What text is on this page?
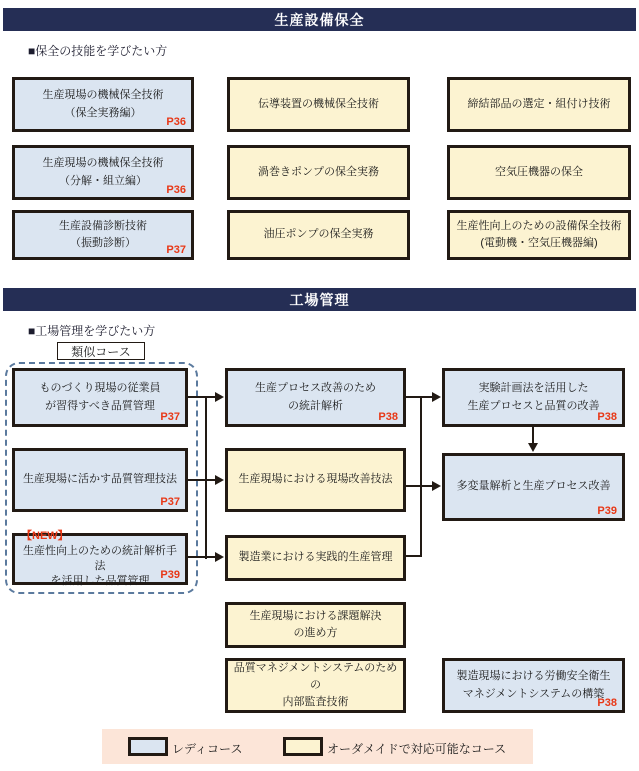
生産設備保全
■保全の技能を学びたい方
生産現場の機械保全技術
（保全実務編）
P36
伝導装置の機械保全技術	締結部品の選定・組付け技術
生産現場の機械保全技術
（分解・組立編）
P36
渦巻きポンプの保全実務	空気圧機器の保全
生産設備診断技術
（振動診断）
P37
油圧ポンプの保全実務
生産性向上のための設備保全技術
(電動機・空気圧機器編)
工場管理
■工場管理を学びたい方
類似コース
ものづくり現場の従業員
が習得すべき品質管理
P37
生産現場に活かす品質管理技法
P37
【NEW】
生産性向上のための統計解析手法
を活用した品質管理
P39
生産プロセス改善のため
の統計解析
P38
生産現場における現場改善技法
製造業における実践的生産管理
生産現場における課題解決
の進め方
品質マネジメントシステムのための
内部監査技術
実験計画法を活用した
生産プロセスと品質の改善
P38
多変量解析と生産プロセス改善
P39
製造現場における労働安全衛生
マネジメントシステムの構築
P38
レディコース	オーダメイドで対応可能なコース
